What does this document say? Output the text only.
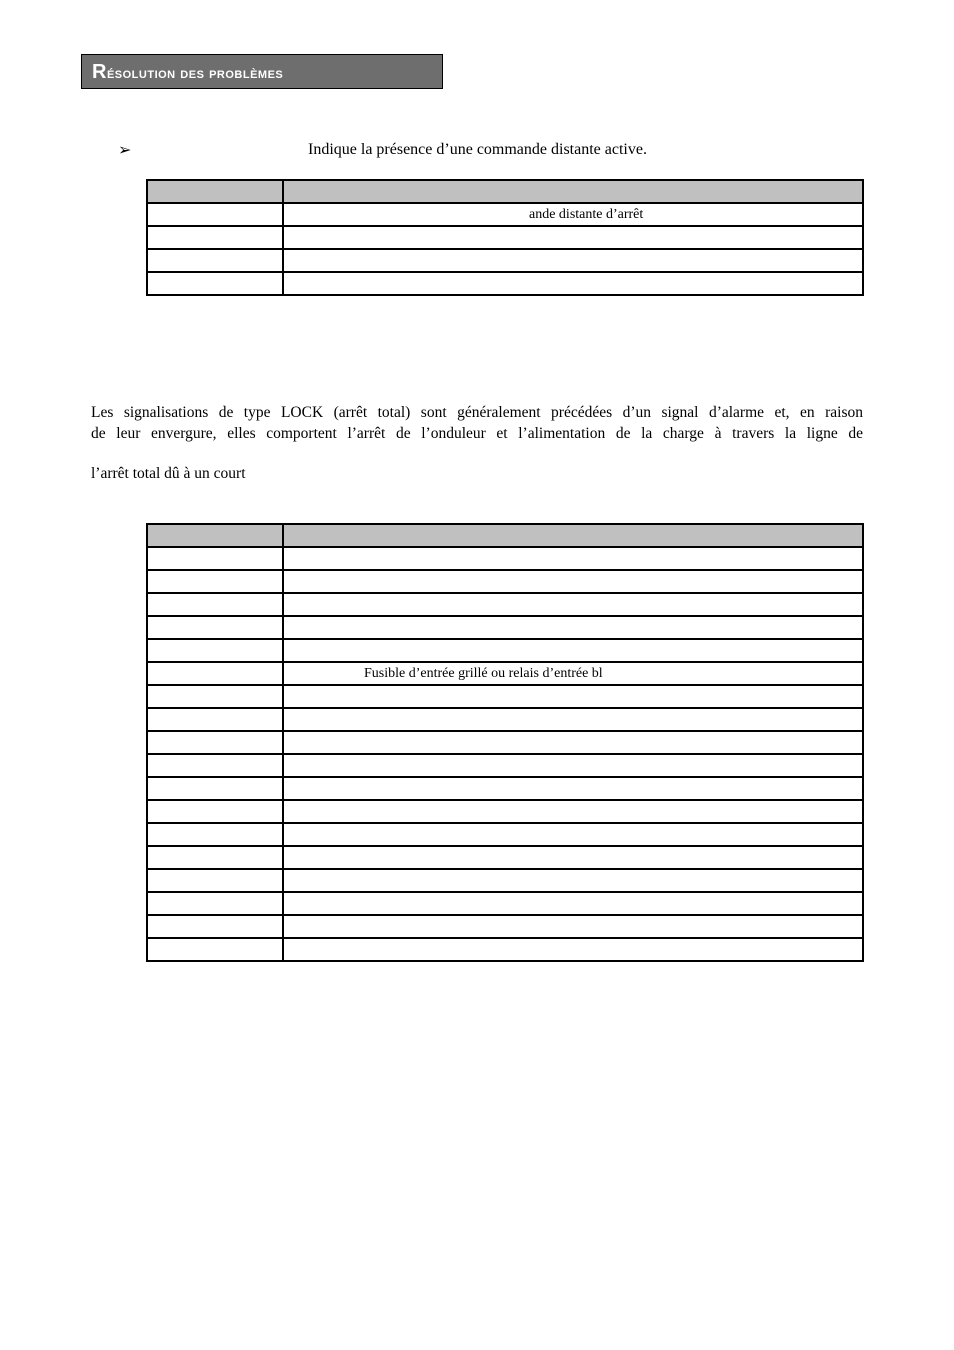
Résolution des problèmes
➢	Indique la présence d’une commande distante active.

	ande distante d’arrêt

Les signalisations de type LOCK (arrêt total) sont généralement précédées d’un signal d’alarme et, en raison
de leur envergure, elles comportent l’arrêt de l’onduleur et l’alimentation de la charge à travers la ligne de
l’arrêt total dû à un court

	Fusible d’entrée grillé ou relais d’entrée bl
